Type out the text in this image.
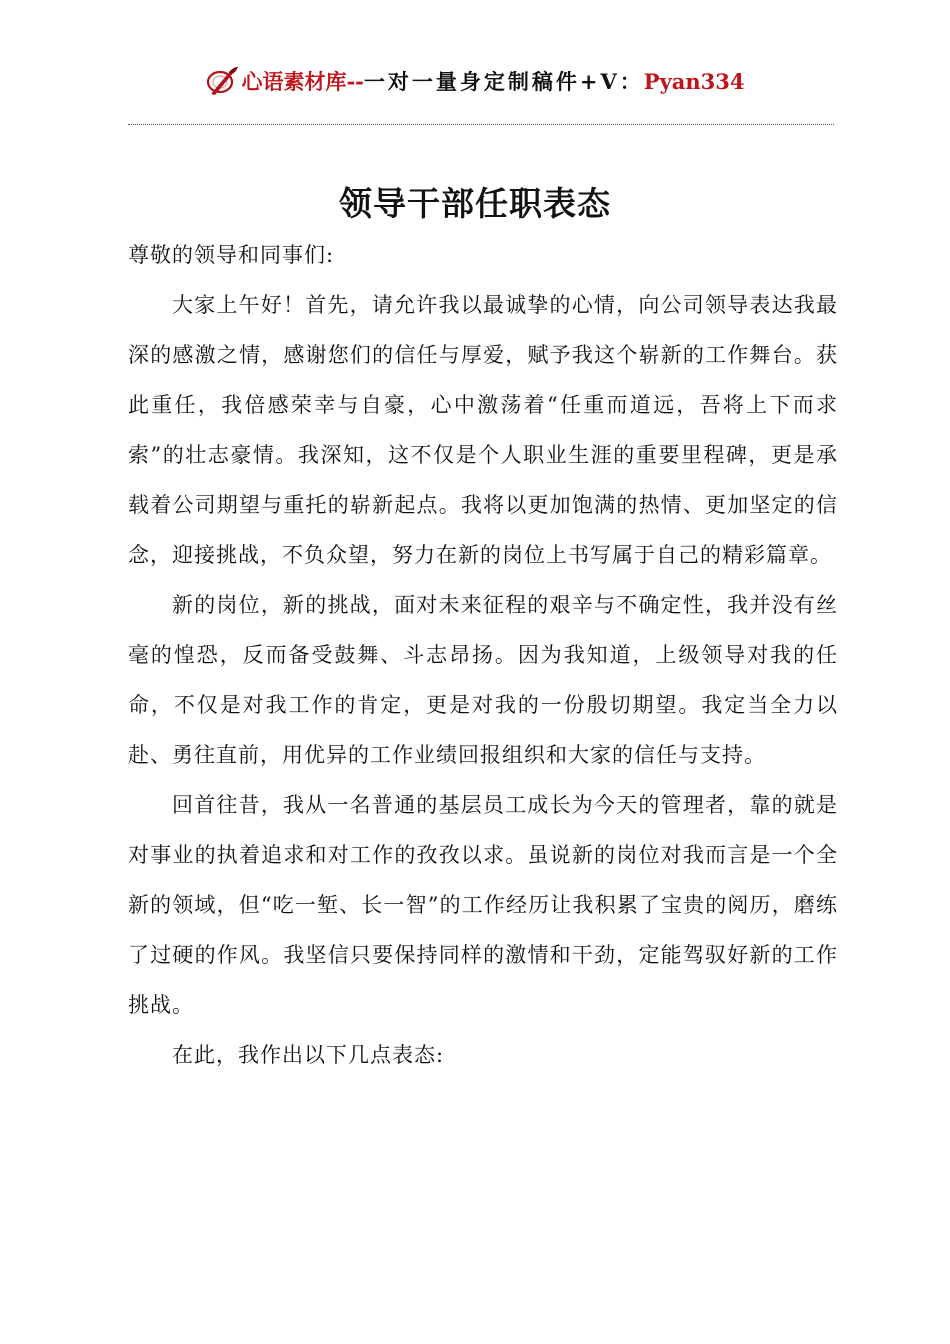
心语素材库 -- 一对一量身定制稿件 +V： Pyan334
领导干部任职表态

尊敬的领导和同事们:

大家上午好！首先，请允许我以最诚挚的心情，向公司领导表达我最深的感激之情，感谢您们的信任与厚爱，赋予我这个崭新的工作舞台。获此重任，我倍感荣幸与自豪，心中激荡着“任重而道远，吾将上下而求索”的壮志豪情。我深知，这不仅是个人职业生涯的重要里程碑，更是承载着公司期望与重托的崭新起点。我将以更加饱满的热情、更加坚定的信念，迎接挑战，不负众望，努力在新的岗位上书写属于自己的精彩篇章。

新的岗位，新的挑战，面对未来征程的艰辛与不确定性，我并没有丝毫的惶恐，反而备受鼓舞、斗志昂扬。因为我知道，上级领导对我的任命，不仅是对我工作的肯定，更是对我的一份殷切期望。我定当全力以赴、勇往直前，用优异的工作业绩回报组织和大家的信任与支持。

回首往昔，我从一名普通的基层员工成长为今天的管理者，靠的就是对事业的执着追求和对工作的孜孜以求。虽说新的岗位对我而言是一个全新的领域，但“吃一堑、长一智”的工作经历让我积累了宝贵的阅历，磨练了过硬的作风。我坚信只要保持同样的激情和干劲，定能驾驭好新的工作挑战。

在此，我作出以下几点表态:
